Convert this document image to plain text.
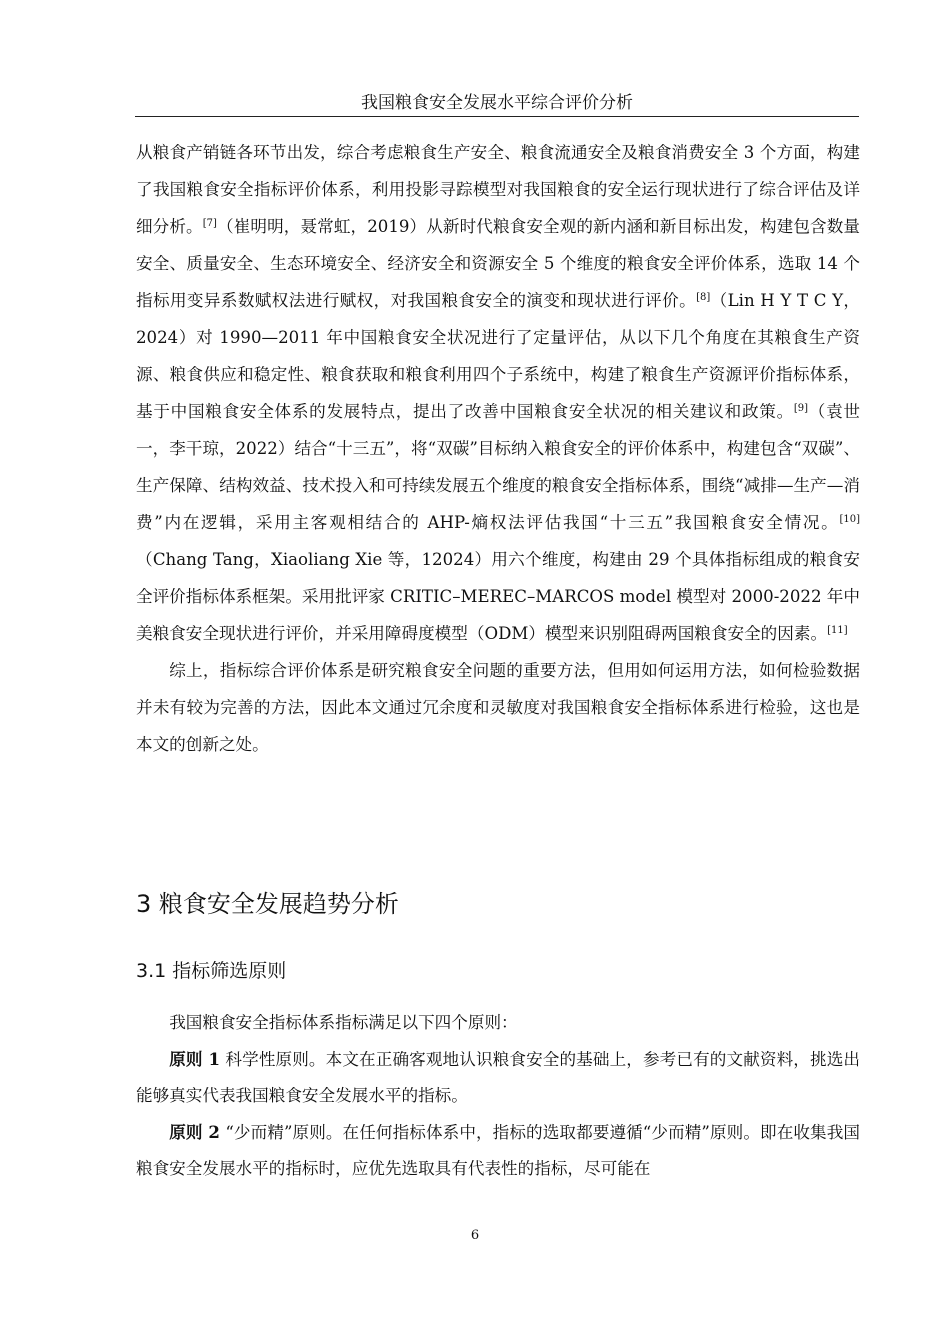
我国粮食安全发展水平综合评价分析

从粮食产销链各环节出发，综合考虑粮食生产安全、粮食流通安全及粮食消费安全 3 个方面，构建了我国粮食安全指标评价体系，利用投影寻踪模型对我国粮食的安全运行现状进行了综合评估及详细分析。[7]（崔明明，聂常虹，2019）从新时代粮食安全观的新内涵和新目标出发，构建包含数量安全、质量安全、生态环境安全、经济安全和资源安全 5 个维度的粮食安全评价体系，选取 14 个指标用变异系数赋权法进行赋权，对我国粮食安全的演变和现状进行评价。[8]（Lin H Y T C Y，2024）对 1990—2011 年中国粮食安全状况进行了定量评估，从以下几个角度在其粮食生产资源、粮食供应和稳定性、粮食获取和粮食利用四个子系统中，构建了粮食生产资源评价指标体系，基于中国粮食安全体系的发展特点，提出了改善中国粮食安全状况的相关建议和政策。[9]（袁世一，李干琼，2022）结合“十三五”，将“双碳”目标纳入粮食安全的评价体系中，构建包含“双碳”、生产保障、结构效益、技术投入和可持续发展五个维度的粮食安全指标体系，围绕“减排—生产—消费”内在逻辑，采用主客观相结合的 AHP-熵权法评估我国“十三五”我国粮食安全情况。[10]（Chang Tang，Xiaoliang Xie 等，12024）用六个维度，构建由 29 个具体指标组成的粮食安全评价指标体系框架。采用批评家 CRITIC–MEREC–MARCOS model 模型对 2000-2022 年中美粮食安全现状进行评价，并采用障碍度模型（ODM）模型来识别阻碍两国粮食安全的因素。[11]

综上，指标综合评价体系是研究粮食安全问题的重要方法，但用如何运用方法，如何检验数据并未有较为完善的方法，因此本文通过冗余度和灵敏度对我国粮食安全指标体系进行检验，这也是本文的创新之处。

3 粮食安全发展趋势分析
3.1 指标筛选原则

我国粮食安全指标体系指标满足以下四个原则：

原则 1 科学性原则。本文在正确客观地认识粮食安全的基础上，参考已有的文献资料，挑选出能够真实代表我国粮食安全发展水平的指标。

原则 2 “少而精”原则。在任何指标体系中，指标的选取都要遵循“少而精”原则。即在收集我国粮食安全发展水平的指标时，应优先选取具有代表性的指标，尽可能在

6
